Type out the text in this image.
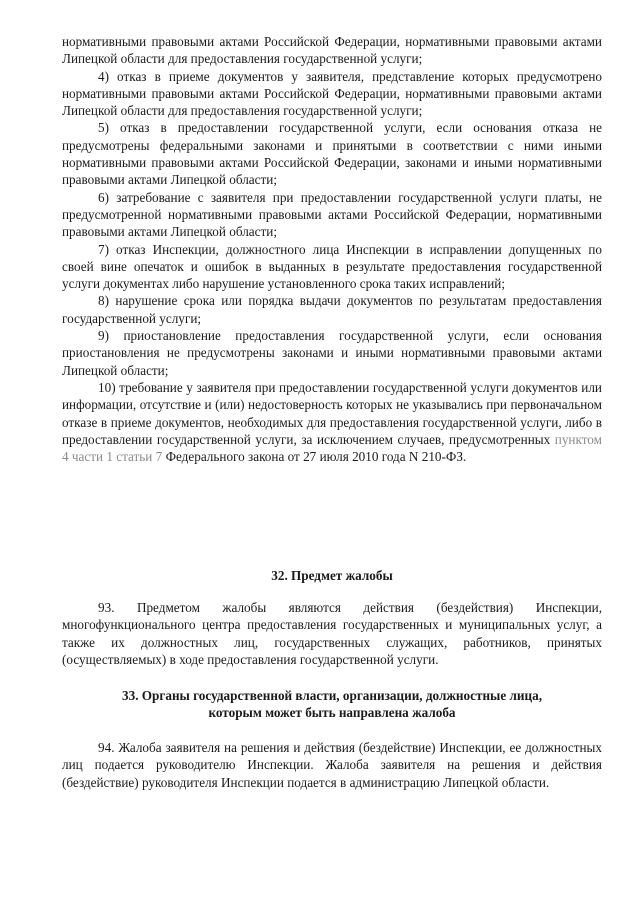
нормативными правовыми актами Российской Федерации, нормативными правовыми актами Липецкой области для предоставления государственной услуги;

4) отказ в приеме документов у заявителя, представление которых предусмотрено нормативными правовыми актами Российской Федерации, нормативными правовыми актами Липецкой области для предоставления государственной услуги;

5) отказ в предоставлении государственной услуги, если основания отказа не предусмотрены федеральными законами и принятыми в соответствии с ними иными нормативными правовыми актами Российской Федерации, законами и иными нормативными правовыми актами Липецкой области;

6) затребование с заявителя при предоставлении государственной услуги платы, не предусмотренной нормативными правовыми актами Российской Федерации, нормативными правовыми актами Липецкой области;

7) отказ Инспекции, должностного лица Инспекции в исправлении допущенных по своей вине опечаток и ошибок в выданных в результате предоставления государственной услуги документах либо нарушение установленного срока таких исправлений;

8) нарушение срока или порядка выдачи документов по результатам предоставления государственной услуги;

9) приостановление предоставления государственной услуги, если основания приостановления не предусмотрены законами и иными нормативными правовыми актами Липецкой области;

10) требование у заявителя при предоставлении государственной услуги документов или информации, отсутствие и (или) недостоверность которых не указывались при первоначальном отказе в приеме документов, необходимых для предоставления государственной услуги, либо в предоставлении государственной услуги, за исключением случаев, предусмотренных пунктом 4 части 1 статьи 7 Федерального закона от 27 июля 2010 года N 210-ФЗ.

32. Предмет жалобы

93. Предметом жалобы являются действия (бездействия) Инспекции, многофункционального центра предоставления государственных и муниципальных услуг, а также их должностных лиц, государственных служащих, работников, принятых (осуществляемых) в ходе предоставления государственной услуги.

33. Органы государственной власти, организации, должностные лица,
которым может быть направлена жалоба

94. Жалоба заявителя на решения и действия (бездействие) Инспекции, ее должностных лиц подается руководителю Инспекции. Жалоба заявителя на решения и действия (бездействие) руководителя Инспекции подается в администрацию Липецкой области.
